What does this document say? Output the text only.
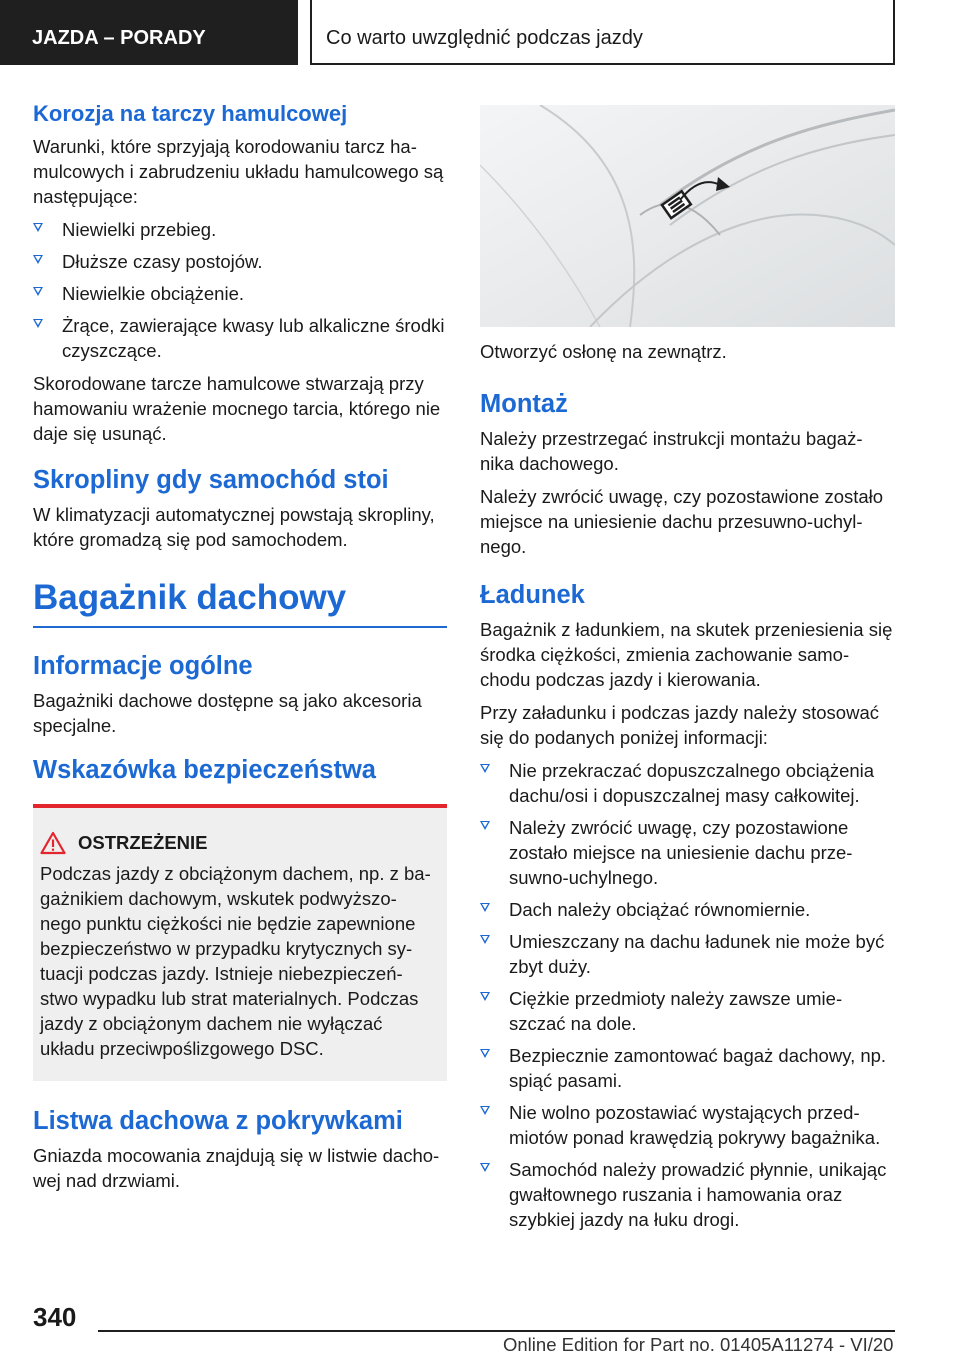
JAZDA – PORADY	Co warto uwzględnić podczas jazdy
Korozja na tarczy hamulcowej

Warunki, które sprzyjają korodowaniu tarcz ha- mulcowych i zabrudzeniu układu hamulcowego są następujące:

Niewielki przebieg.
Dłuższe czasy postojów.
Niewielkie obciążenie.
Żrące, zawierające kwasy lub alkaliczne środki czyszczące.

Skorodowane tarcze hamulcowe stwarzają przy hamowaniu wrażenie mocnego tarcia, którego nie daje się usunąć.

Skropliny gdy samochód stoi

W klimatyzacji automatycznej powstają skropliny, które gromadzą się pod samochodem.

Bagażnik dachowy
Informacje ogólne

Bagażniki dachowe dostępne są jako akcesoria specjalne.

Wskazówka bezpieczeństwa
OSTRZEŻENIE

Podczas jazdy z obciążonym dachem, np. z ba- gażnikiem dachowym, wskutek podwyższo- nego punktu ciężkości nie będzie zapewnione bezpieczeństwo w przypadku krytycznych sy- tuacji podczas jazdy. Istnieje niebezpieczeń- stwo wypadku lub strat materialnych. Podczas jazdy z obciążonym dachem nie wyłączać układu przeciwpoślizgowego DSC.

Listwa dachowa z pokrywkami

Gniazda mocowania znajdują się w listwie dacho- wej nad drzwiami.

Otworzyć osłonę na zewnątrz.

Montaż

Należy przestrzegać instrukcji montażu bagaż- nika dachowego.

Należy zwrócić uwagę, czy pozostawione zostało miejsce na uniesienie dachu przesuwno-uchyl- nego.

Ładunek

Bagażnik z ładunkiem, na skutek przeniesienia się środka ciężkości, zmienia zachowanie samo- chodu podczas jazdy i kierowania.

Przy załadunku i podczas jazdy należy stosować się do podanych poniżej informacji:

Nie przekraczać dopuszczalnego obciążenia dachu/osi i dopuszczalnej masy całkowitej.
Należy zwrócić uwagę, czy pozostawione zostało miejsce na uniesienie dachu prze- suwno-uchylnego.
Dach należy obciążać równomiernie.
Umieszczany na dachu ładunek nie może być zbyt duży.
Ciężkie przedmioty należy zawsze umie- szczać na dole.
Bezpiecznie zamontować bagaż dachowy, np. spiąć pasami.
Nie wolno pozostawiać wystających przed- miotów ponad krawędzią pokrywy bagażnika.
Samochód należy prowadzić płynnie, unikając gwałtownego ruszania i hamowania oraz szybkiej jazdy na łuku drogi.
340
Online Edition for Part no. 01405A11274 - VI/20
